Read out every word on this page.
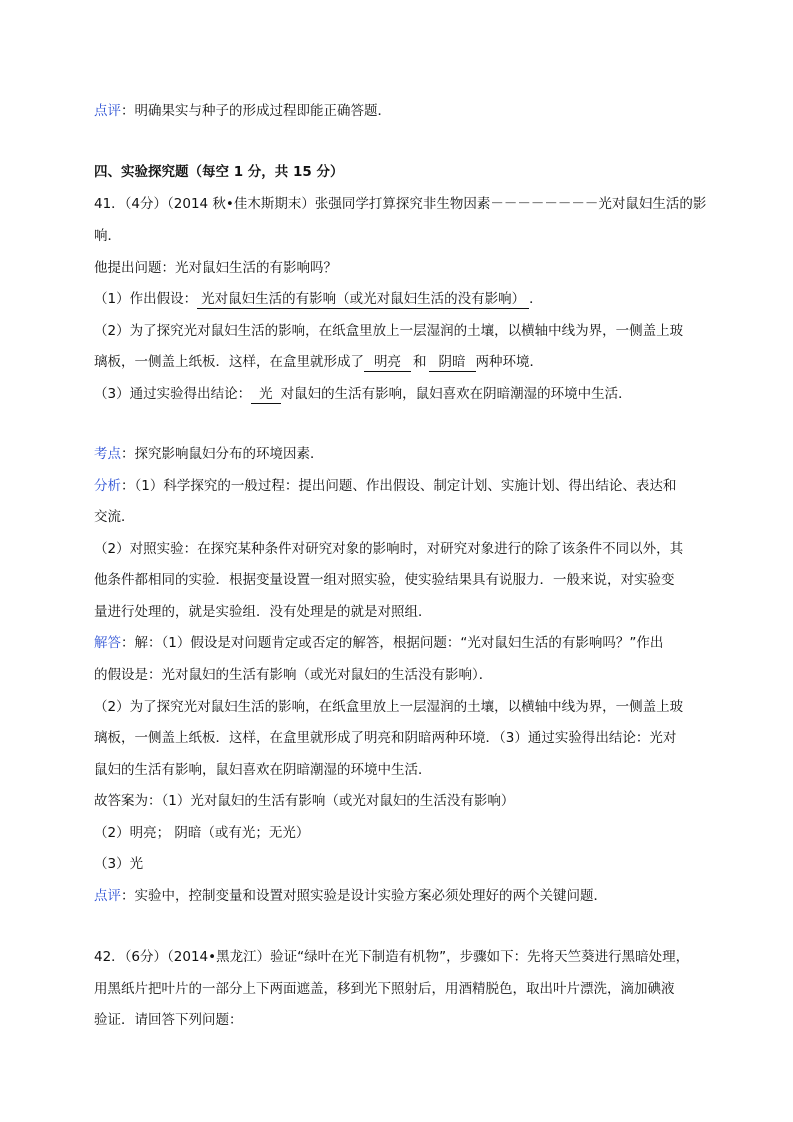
点评：明确果实与种子的形成过程即能正确答题．
四、实验探究题（每空 1 分，共 15 分）
41．（4分）（2014 秋•佳木斯期末）张强同学打算探究非生物因素－－－－－－－－光对鼠妇生活的影
响．
他提出问题：光对鼠妇生活的有影响吗？
（1）作出假设： 光对鼠妇生活的有影响（或光对鼠妇生活的没有影响） ．
（2）为了探究光对鼠妇生活的影响，在纸盒里放上一层湿润的土壤，以横轴中线为界，一侧盖上玻
璃板，一侧盖上纸板．这样，在盒里就形成了 明亮 和 阴暗 两种环境．
（3）通过实验得出结论： 光 对鼠妇的生活有影响，鼠妇喜欢在阴暗潮湿的环境中生活．
考点：探究影响鼠妇分布的环境因素．
分析：（1）科学探究的一般过程：提出问题、作出假设、制定计划、实施计划、得出结论、表达和
交流．
（2）对照实验：在探究某种条件对研究对象的影响时，对研究对象进行的除了该条件不同以外，其
他条件都相同的实验．根据变量设置一组对照实验，使实验结果具有说服力．一般来说，对实验变
量进行处理的，就是实验组．没有处理是的就是对照组．
解答：解：（1）假设是对问题肯定或否定的解答，根据问题：“光对鼠妇生活的有影响吗？”作出
的假设是：光对鼠妇的生活有影响（或光对鼠妇的生活没有影响）．
（2）为了探究光对鼠妇生活的影响，在纸盒里放上一层湿润的土壤，以横轴中线为界，一侧盖上玻
璃板，一侧盖上纸板．这样，在盒里就形成了明亮和阴暗两种环境．（3）通过实验得出结论：光对
鼠妇的生活有影响，鼠妇喜欢在阴暗潮湿的环境中生活．
故答案为：（1）光对鼠妇的生活有影响（或光对鼠妇的生活没有影响）
（2）明亮； 阴暗（或有光；无光）
（3）光
点评：实验中，控制变量和设置对照实验是设计实验方案必须处理好的两个关键问题．
42．（6分）（2014•黑龙江）验证“绿叶在光下制造有机物”，步骤如下：先将天竺葵进行黑暗处理，
用黑纸片把叶片的一部分上下两面遮盖，移到光下照射后，用酒精脱色，取出叶片漂洗，滴加碘液
验证．请回答下列问题：
